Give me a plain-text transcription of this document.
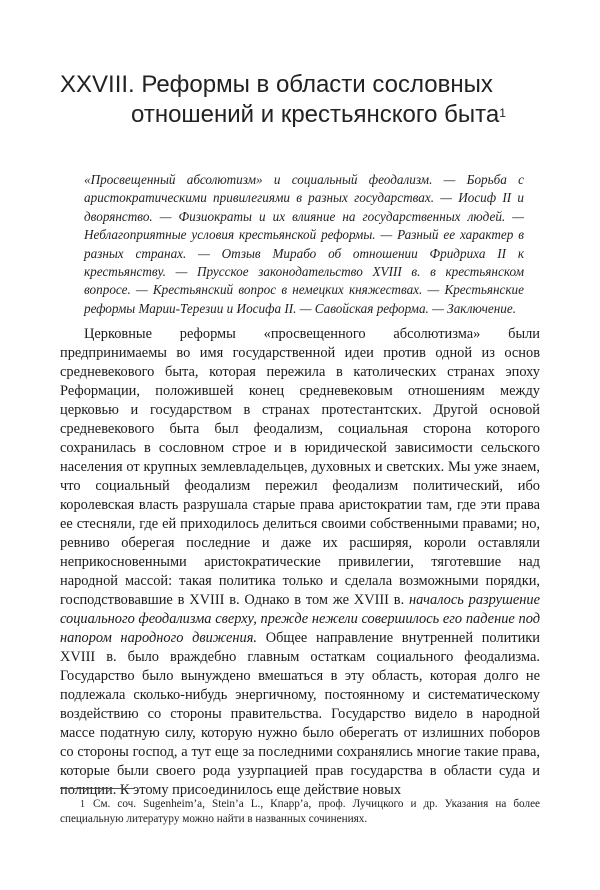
XXVIII. Реформы в области сословных
отношений и крестьянского быта$^1$
«Просвещенный абсолютизм» и социальный феодализм. — Борьба с аристократическими привилегиями в разных государствах. — Иосиф II и дворянство. — Физиократы и их влияние на государственных людей. —Неблагоприятные условия крестьянской реформы. — Разный ее характер в разных странах. — Отзыв Мирабо об отношении Фридриха II к крестьянству. — Прусское законодательство XVIII в. в крестьянском вопросе. — Крестьянский вопрос в немецких княжествах. — Крестьянские реформы Марии-Терезии и Иосифа II. — Савойская реформа. — Заключение.

Церковные реформы «просвещенного абсолютизма» были предпринимаемы во имя государственной идеи против одной из основ средневекового быта, которая пережила в католических странах эпоху Реформации, положившей конец средневековым отношениям между церковью и государством в странах протестантских. Другой основой средневекового быта был феодализм, социальная сторона которого сохранилась в сословном строе и в юридической зависимости сельского населения от крупных землевладельцев, духовных и светских. Мы уже знаем, что социальный феодализм пережил феодализм политический, ибо королевская власть разрушала старые права аристократии там, где эти права ее стесняли, где ей приходилось делиться своими собственными правами; но, ревниво оберегая последние и даже их расширяя, короли оставляли неприкосновенными аристократические привилегии, тяготевшие над народной массой: такая политика только и сделала возможными порядки, господствовавшие в XVIII в. Однако в том же XVIII в. началось разрушение социального феодализма сверху, прежде нежели совершилось его падение под напором народного движения. Общее направление внутренней политики XVIII в. было враждебно главным остаткам социального феодализма. Государство было вынуждено вмешаться в эту область, которая долго не подлежала сколько-нибудь энергичному, постоянному и систематическому воздействию со стороны правительства. Государство видело в народной массе податную силу, которую нужно было оберегать от излишних поборов со стороны господ, а тут еще за последними сохранялись многие такие права, которые были своего рода узурпацией прав государства в области суда и полиции. К этому присоединилось еще действие новых

1 См. соч. Sugenheim’a, Stein’a L., Кпарр’а, проф. Лучицкого и др. Указания на более специальную литературу можно найти в названных сочинениях.
